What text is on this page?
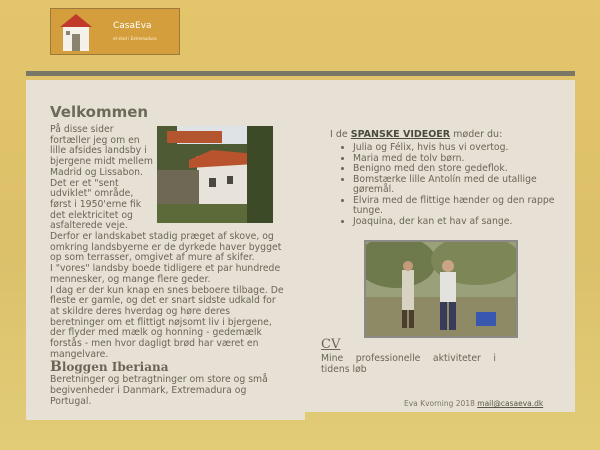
CasaEva
et sted i Extremadura
Velkommen

På disse sider fortæller jeg om en lille afsides landsby i bjergene midt mellem Madrid og Lissabon. Det er et "sent udviklet" område, først i 1950'erne fik det elektricitet og asfalterede veje.

Derfor er landskabet stadig præget af skove, og omkring landsbyerne er de dyrkede haver bygget op som terrasser, omgivet af mure af skifer.

I "vores" landsby boede tidligere et par hundrede mennesker, og mange flere geder.

I dag er der kun knap en snes beboere tilbage. De fleste er gamle, og det er snart sidste udkald for at skildre deres hverdag og høre deres beretninger om et flittigt nøjsomt liv i bjergene, der flyder med mælk og honning - gedemælk forstås - men hvor dagligt brød har været en mangelvare.

Bloggen Iberiana

Beretninger og betragtninger om store og små begivenheder i Danmark, Extremadura og Portugal.

I de SPANSKE VIDEOER møder du:
• Julia og Félix, hvis hus vi overtog.
• Maria med de tolv børn.
• Benigno med den store gedeflok.
• Bomstærke lille Antolín med de utallige gøremål.
• Elvira med de flittige hænder og den rappe tunge.
• Joaquina, der kan et hav af sange.
CV

Mine professionelle aktiviteter i tidens løb

Eva Kvorning 2018 mail@casaeva.dk
